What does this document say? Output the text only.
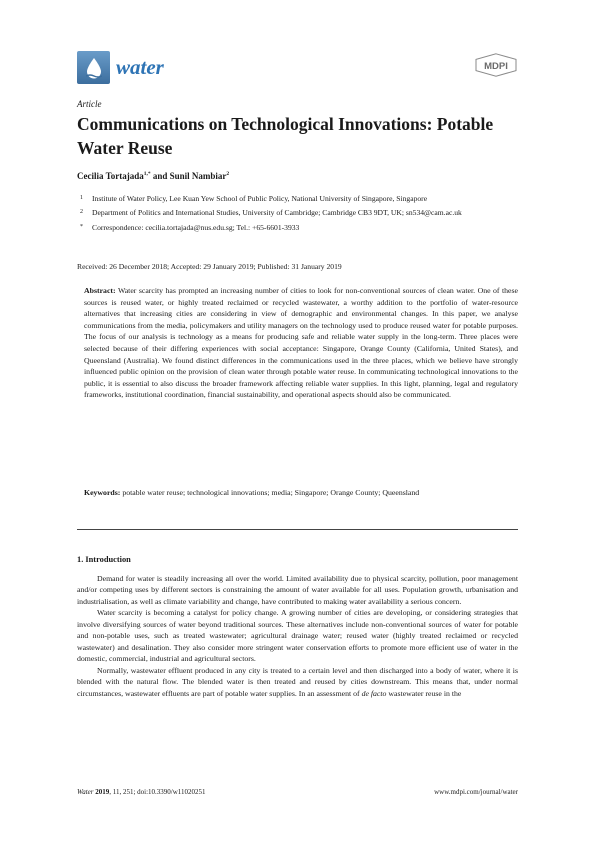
water	MDPI
Article
Communications on Technological Innovations: Potable Water Reuse
Cecilia Tortajada$^{1,*}$ and Sunil Nambiar$^2$
1	Institute of Water Policy, Lee Kuan Yew School of Public Policy, National University of Singapore, Singapore
2	Department of Politics and International Studies, University of Cambridge; Cambridge CB3 9DT, UK; sn534@cam.ac.uk
*	Correspondence: cecilia.tortajada@nus.edu.sg; Tel.: +65-6601-3933
Received: 26 December 2018; Accepted: 29 January 2019; Published: 31 January 2019

Abstract: Water scarcity has prompted an increasing number of cities to look for non-conventional sources of clean water. One of these sources is reused water, or highly treated reclaimed or recycled wastewater, a worthy addition to the portfolio of water-resource alternatives that increasing cities are considering in view of demographic and environmental changes. In this paper, we analyse communications from the media, policymakers and utility managers on the technology used to produce reused water for potable purposes. The focus of our analysis is technology as a means for producing safe and reliable water supply in the long-term. Three places were selected because of their differing experiences with social acceptance: Singapore, Orange County (California, United States), and Queensland (Australia). We found distinct differences in the communications used in the three places, which we believe have strongly influenced public opinion on the provision of clean water through potable water reuse. In communicating technological innovations to the public, it is essential to also discuss the broader framework affecting reliable water supplies. In this light, planning, legal and regulatory frameworks, institutional coordination, financial sustainability, and operational aspects should also be communicated.

Keywords: potable water reuse; technological innovations; media; Singapore; Orange County; Queensland

1. Introduction

Demand for water is steadily increasing all over the world. Limited availability due to physical scarcity, pollution, poor management and/or competing uses by different sectors is constraining the amount of water available for all uses. Population growth, urbanisation and industrialisation, as well as climate variability and change, have contributed to making water availability a serious concern.

Water scarcity is becoming a catalyst for policy change. A growing number of cities are developing, or considering strategies that involve diversifying sources of water beyond traditional sources. These alternatives include non-conventional sources of water for potable and non-potable uses, such as treated wastewater; agricultural drainage water; reused water (highly treated reclaimed or recycled wastewater) and desalination. They also consider more stringent water conservation efforts to promote more efficient use of water in the domestic, commercial, industrial and agricultural sectors.

Normally, wastewater effluent produced in any city is treated to a certain level and then discharged into a body of water, where it is blended with the natural flow. The blended water is then treated and reused by cities downstream. This means that, under normal circumstances, wastewater effluents are part of potable water supplies. In an assessment of de facto wastewater reuse in the

Water 2019, 11, 251; doi:10.3390/w11020251	www.mdpi.com/journal/water
